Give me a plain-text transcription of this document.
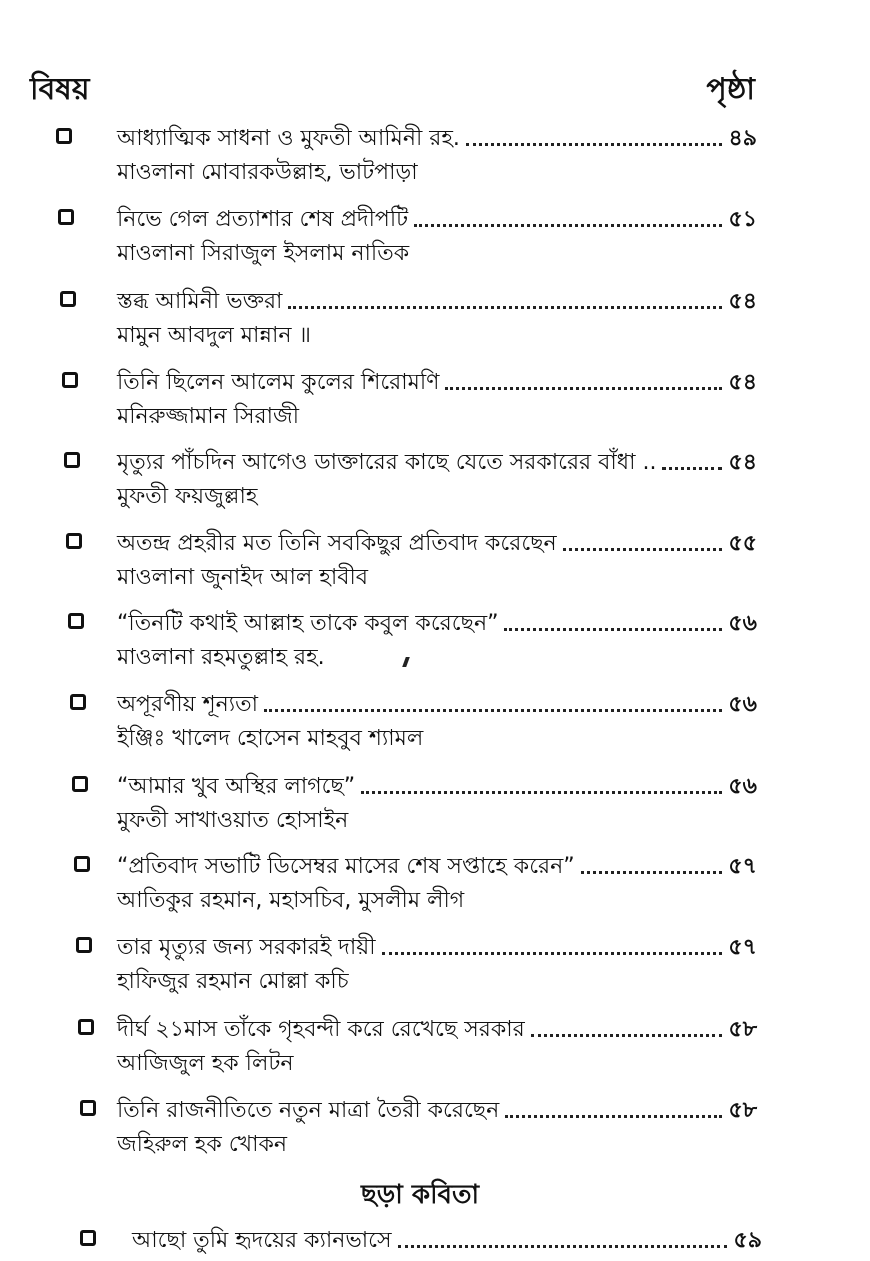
বিষয়	পৃষ্ঠা
আধ্যাত্মিক সাধনা ও মুফতী আমিনী রহ.	৪৯
মাওলানা মোবারকউল্লাহ, ভাটপাড়া
নিভে গেল প্রত্যাশার শেষ প্রদীপটি	৫১
মাওলানা সিরাজুল ইসলাম নাতিক
স্তব্ধ আমিনী ভক্তরা	৫৪
মামুন আবদুল মান্নান ॥
তিনি ছিলেন আলেম কুলের শিরোমণি	৫৪
মনিরুজ্জামান সিরাজী
মৃত্যুর পাঁচদিন আগেও ডাক্তারের কাছে যেতে সরকারের বাঁধা ..	৫৪
মুফতী ফয়জুল্লাহ
অতন্দ্র প্রহরীর মত তিনি সবকিছুর প্রতিবাদ করেছেন	৫৫
মাওলানা জুনাইদ আল হাবীব
“তিনটি কথাই আল্লাহ তাকে কবুল করেছেন”	৫৬
মাওলানা রহমতুল্লাহ রহ.
অপূরণীয় শূন্যতা	৫৬
ইঞ্জিঃ খালেদ হোসেন মাহবুব শ্যামল
“আমার খুব অস্থির লাগছে”	৫৬
মুফতী সাখাওয়াত হোসাইন
“প্রতিবাদ সভাটি ডিসেম্বর মাসের শেষ সপ্তাহে করেন”	৫৭
আতিকুর রহমান, মহাসচিব, মুসলীম লীগ
তার মৃত্যুর জন্য সরকারই দায়ী	৫৭
হাফিজুর রহমান মোল্লা কচি
দীর্ঘ ২১মাস তাঁকে গৃহবন্দী করে রেখেছে সরকার	৫৮
আজিজুল হক লিটন
তিনি রাজনীতিতে নতুন মাত্রা তৈরী করেছেন	৫৮
জহিরুল হক খোকন
ছড়া কবিতা
আছো তুমি হৃদয়ের ক্যানভাসে	৫৯
